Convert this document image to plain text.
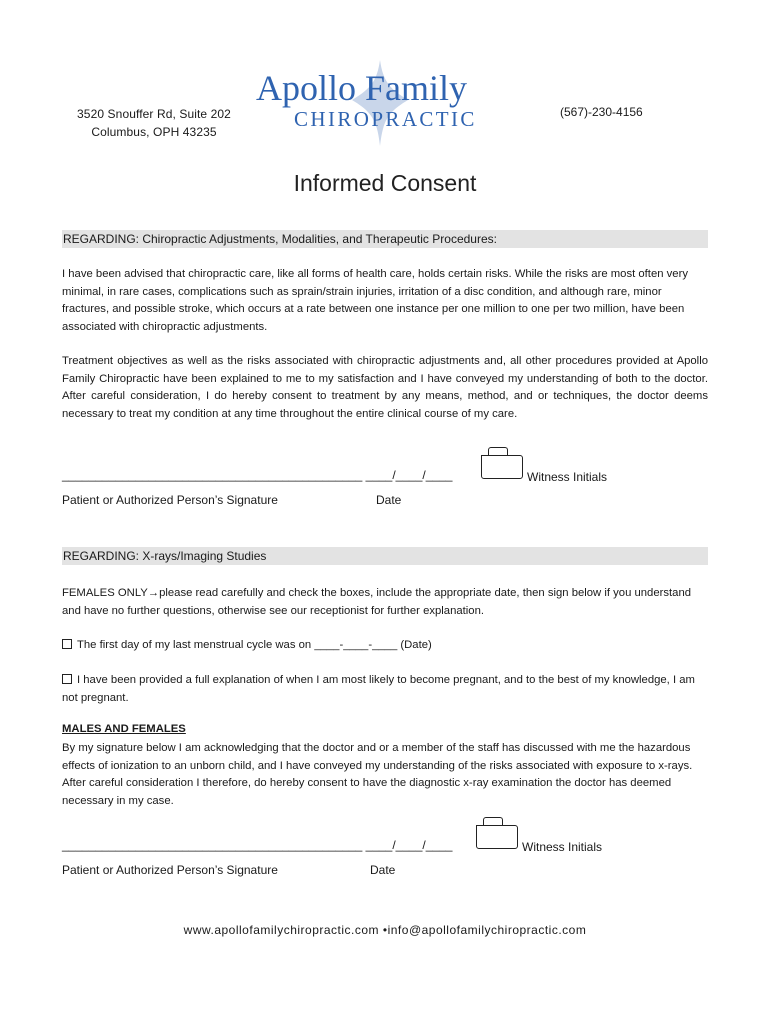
3520 Snouffer Rd, Suite 202
Columbus, OPH 43235
Apollo Family
CHIROPRACTIC	(567)-230-4156
Informed Consent
REGARDING: Chiropractic Adjustments, Modalities, and Therapeutic Procedures:
I have been advised that chiropractic care, like all forms of health care, holds certain risks. While the risks are most often very minimal, in rare cases, complications such as sprain/strain injuries, irritation of a disc condition, and although rare, minor fractures, and possible stroke, which occurs at a rate between one instance per one million to one per two million, have been associated with chiropractic adjustments.
Treatment objectives as well as the risks associated with chiropractic adjustments and, all other procedures provided at Apollo Family Chiropractic have been explained to me to my satisfaction and I have conveyed my understanding of both to the doctor. After careful consideration, I do hereby consent to treatment by any means, method, and or techniques, the doctor deems necessary to treat my condition at any time throughout the entire clinical course of my care.
_____________________________________________ ____/____/____	Witness Initials
Patient or Authorized Person’s Signature	Date
REGARDING: X-rays/Imaging Studies
FEMALES ONLY→please read carefully and check the boxes, include the appropriate date, then sign below if you understand and have no further questions, otherwise see our receptionist for further explanation.
The first day of my last menstrual cycle was on ____-____-____ (Date)
I have been provided a full explanation of when I am most likely to become pregnant, and to the best of my knowledge, I am not pregnant.
MALES AND FEMALES
By my signature below I am acknowledging that the doctor and or a member of the staff has discussed with me the hazardous effects of ionization to an unborn child, and I have conveyed my understanding of the risks associated with exposure to x-rays. After careful consideration I therefore, do hereby consent to have the diagnostic x-ray examination the doctor has deemed necessary in my case.
_____________________________________________ ____/____/____	Witness Initials
Patient or Authorized Person’s Signature	Date
www.apollofamilychiropractic.com •info@apollofamilychiropractic.com
